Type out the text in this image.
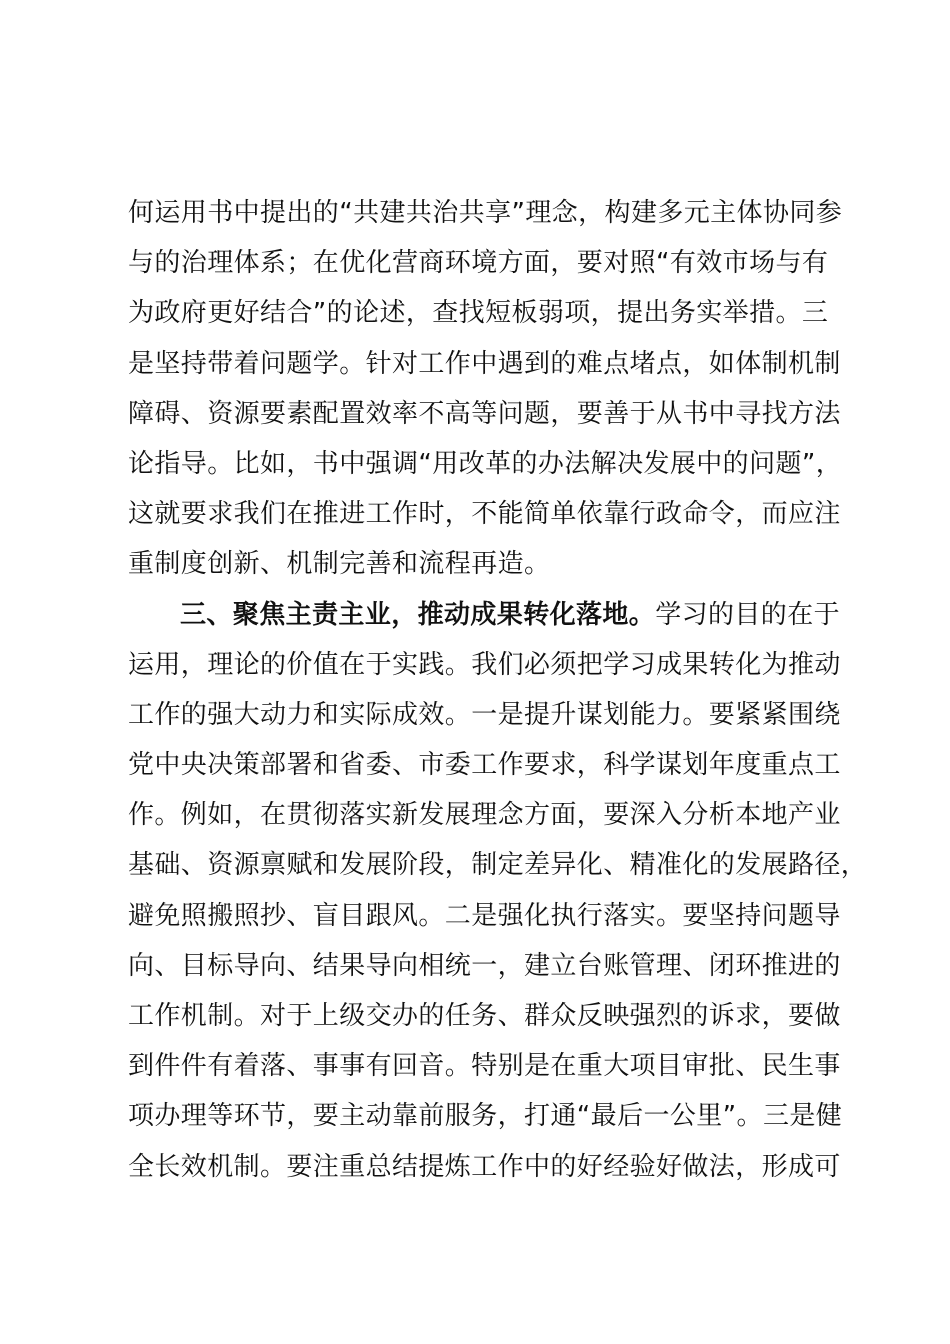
何运用书中提出的“共建共治共享”理念，构建多元主体协同参
与的治理体系；在优化营商环境方面，要对照“有效市场与有
为政府更好结合”的论述，查找短板弱项，提出务实举措。三
是坚持带着问题学。针对工作中遇到的难点堵点，如体制机制
障碍、资源要素配置效率不高等问题，要善于从书中寻找方法
论指导。比如，书中强调“用改革的办法解决发展中的问题”，
这就要求我们在推进工作时，不能简单依靠行政命令，而应注
重制度创新、机制完善和流程再造。
三、聚焦主责主业，推动成果转化落地。学习的目的在于
运用，理论的价值在于实践。我们必须把学习成果转化为推动
工作的强大动力和实际成效。一是提升谋划能力。要紧紧围绕
党中央决策部署和省委、市委工作要求，科学谋划年度重点工
作。例如，在贯彻落实新发展理念方面，要深入分析本地产业
基础、资源禀赋和发展阶段，制定差异化、精准化的发展路径，
避免照搬照抄、盲目跟风。二是强化执行落实。要坚持问题导
向、目标导向、结果导向相统一，建立台账管理、闭环推进的
工作机制。对于上级交办的任务、群众反映强烈的诉求，要做
到件件有着落、事事有回音。特别是在重大项目审批、民生事
项办理等环节，要主动靠前服务，打通“最后一公里”。三是健
全长效机制。要注重总结提炼工作中的好经验好做法，形成可
